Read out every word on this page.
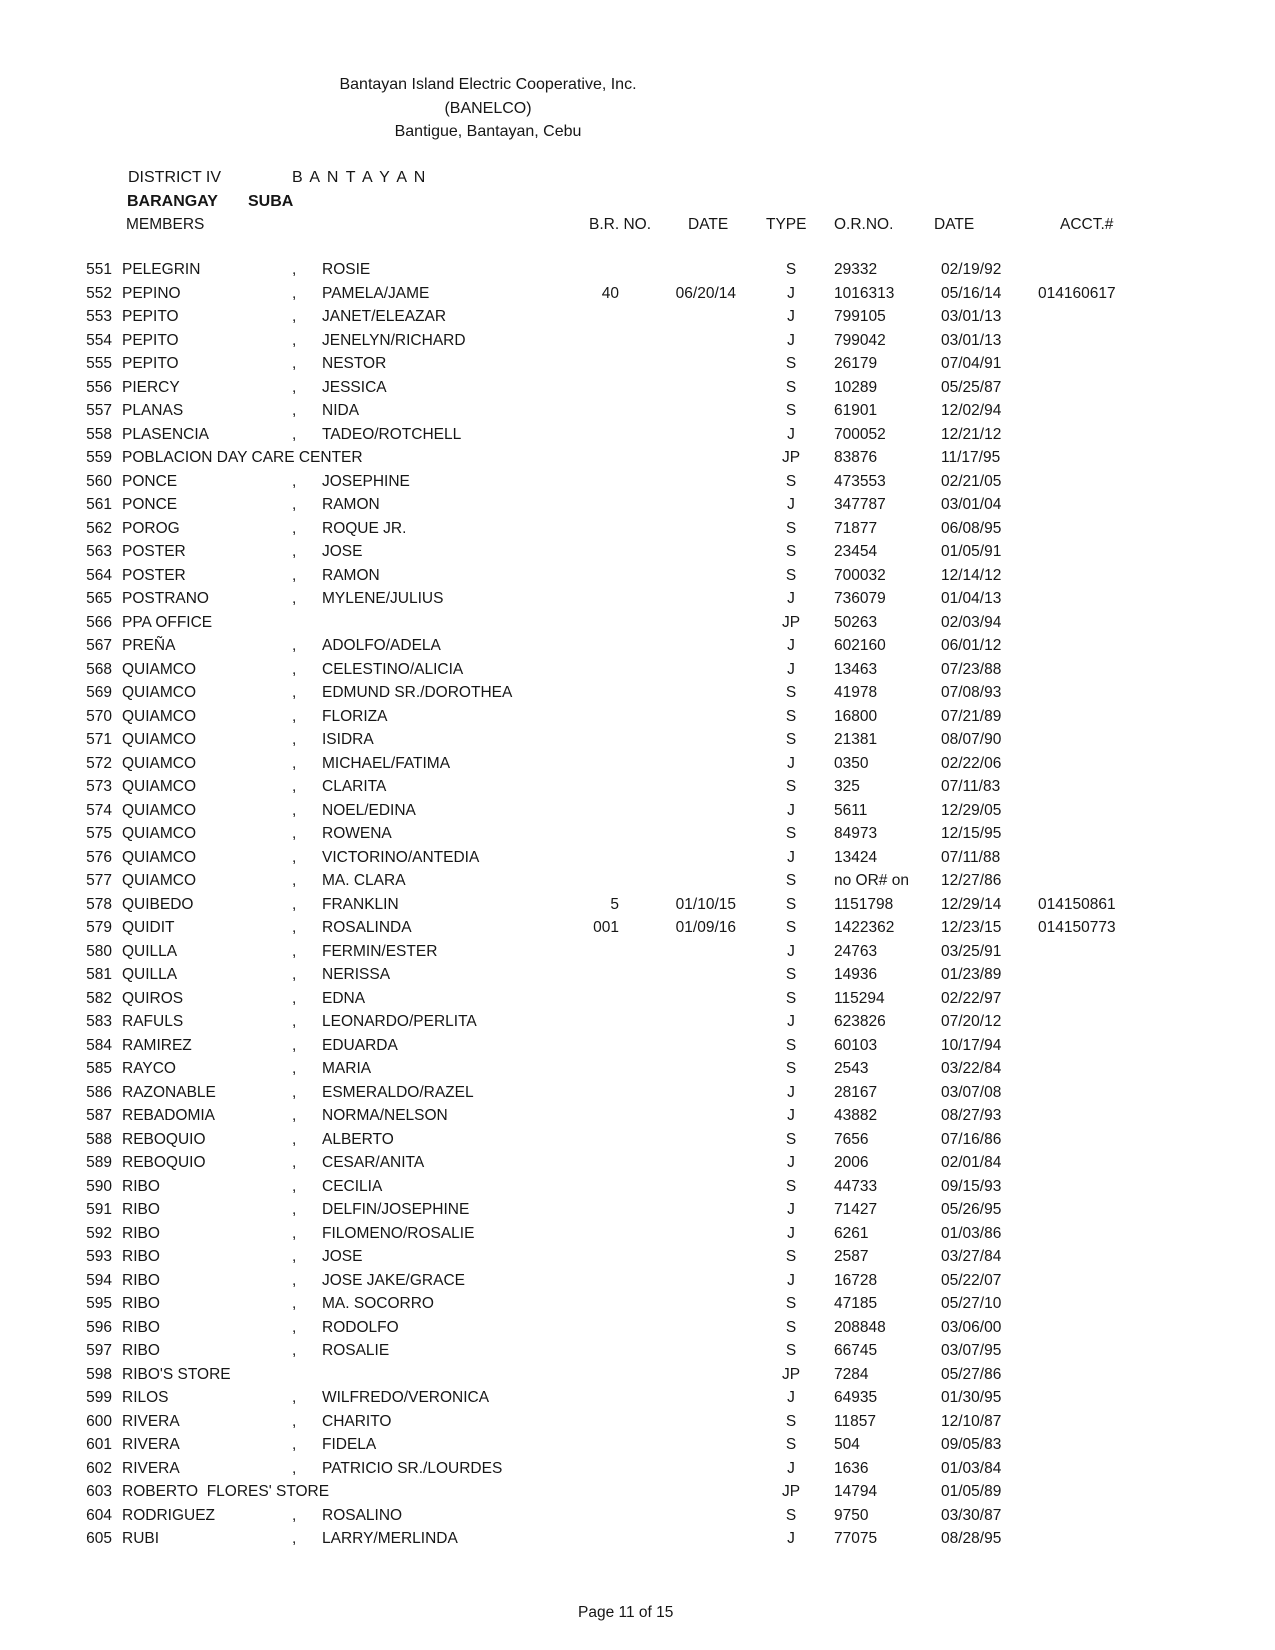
Bantayan Island Electric Cooperative, Inc.
(BANELCO)
Bantigue, Bantayan, Cebu
DISTRICT IV	B A N T A Y A N
BARANGAY SUBA
MEMBERS	B.R. NO. DATE TYPE O.R.NO.	DATE	ACCT.#
551 PELEGRIN	, ROSIE	S	29332	02/19/92
552 PEPINO	, PAMELA/JAME	40	06/20/14	J	1016313	05/16/14 014160617
553 PEPITO	, JANET/ELEAZAR	J	799105	03/01/13
554 PEPITO	, JENELYN/RICHARD	J	799042	03/01/13
555 PEPITO	, NESTOR	S	26179	07/04/91
556 PIERCY	, JESSICA	S	10289	05/25/87
557 PLANAS	, NIDA	S	61901	12/02/94
558 PLASENCIA	, TADEO/ROTCHELL	J	700052	12/21/12
559 POBLACION DAY CARE CENTER	JP	83876	11/17/95
560 PONCE	, JOSEPHINE	S	473553	02/21/05
561 PONCE	, RAMON	J	347787	03/01/04
562 POROG	, ROQUE JR.	S	71877	06/08/95
563 POSTER	, JOSE	S	23454	01/05/91
564 POSTER	, RAMON	S	700032	12/14/12
565 POSTRANO	, MYLENE/JULIUS	J	736079	01/04/13
566 PPA OFFICE	JP	50263	02/03/94
567 PREÑA	, ADOLFO/ADELA	J	602160	06/01/12
568 QUIAMCO	, CELESTINO/ALICIA	J	13463	07/23/88
569 QUIAMCO	, EDMUND SR./DOROTHEA	S	41978	07/08/93
570 QUIAMCO	, FLORIZA	S	16800	07/21/89
571 QUIAMCO	, ISIDRA	S	21381	08/07/90
572 QUIAMCO	, MICHAEL/FATIMA	J	0350	02/22/06
573 QUIAMCO	, CLARITA	S	325	07/11/83
574 QUIAMCO	, NOEL/EDINA	J	5611	12/29/05
575 QUIAMCO	, ROWENA	S	84973	12/15/95
576 QUIAMCO	, VICTORINO/ANTEDIA	J	13424	07/11/88
577 QUIAMCO	, MA. CLARA	S	no OR# on 12/27/86
578 QUIBEDO	, FRANKLIN	5	01/10/15	S	1151798	12/29/14 014150861
579 QUIDIT	, ROSALINDA	001	01/09/16	S	1422362	12/23/15 014150773
580 QUILLA	, FERMIN/ESTER	J	24763	03/25/91
581 QUILLA	, NERISSA	S	14936	01/23/89
582 QUIROS	, EDNA	S	115294	02/22/97
583 RAFULS	, LEONARDO/PERLITA	J	623826	07/20/12
584 RAMIREZ	, EDUARDA	S	60103	10/17/94
585 RAYCO	, MARIA	S	2543	03/22/84
586 RAZONABLE	, ESMERALDO/RAZEL	J	28167	03/07/08
587 REBADOMIA	, NORMA/NELSON	J	43882	08/27/93
588 REBOQUIO	, ALBERTO	S	7656	07/16/86
589 REBOQUIO	, CESAR/ANITA	J	2006	02/01/84
590 RIBO	, CECILIA	S	44733	09/15/93
591 RIBO	, DELFIN/JOSEPHINE	J	71427	05/26/95
592 RIBO	, FILOMENO/ROSALIE	J	6261	01/03/86
593 RIBO	, JOSE	S	2587	03/27/84
594 RIBO	, JOSE JAKE/GRACE	J	16728	05/22/07
595 RIBO	, MA. SOCORRO	S	47185	05/27/10
596 RIBO	, RODOLFO	S	208848	03/06/00
597 RIBO	, ROSALIE	S	66745	03/07/95
598 RIBO'S STORE	JP	7284	05/27/86
599 RILOS	, WILFREDO/VERONICA	J	64935	01/30/95
600 RIVERA	, CHARITO	S	11857	12/10/87
601 RIVERA	, FIDELA	S	504	09/05/83
602 RIVERA	, PATRICIO SR./LOURDES	J	1636	01/03/84
603 ROBERTO  FLORES' STORE	JP	14794	01/05/89
604 RODRIGUEZ	, ROSALINO	S	9750	03/30/87
605 RUBI	, LARRY/MERLINDA	J	77075	08/28/95
Page 11 of 15
